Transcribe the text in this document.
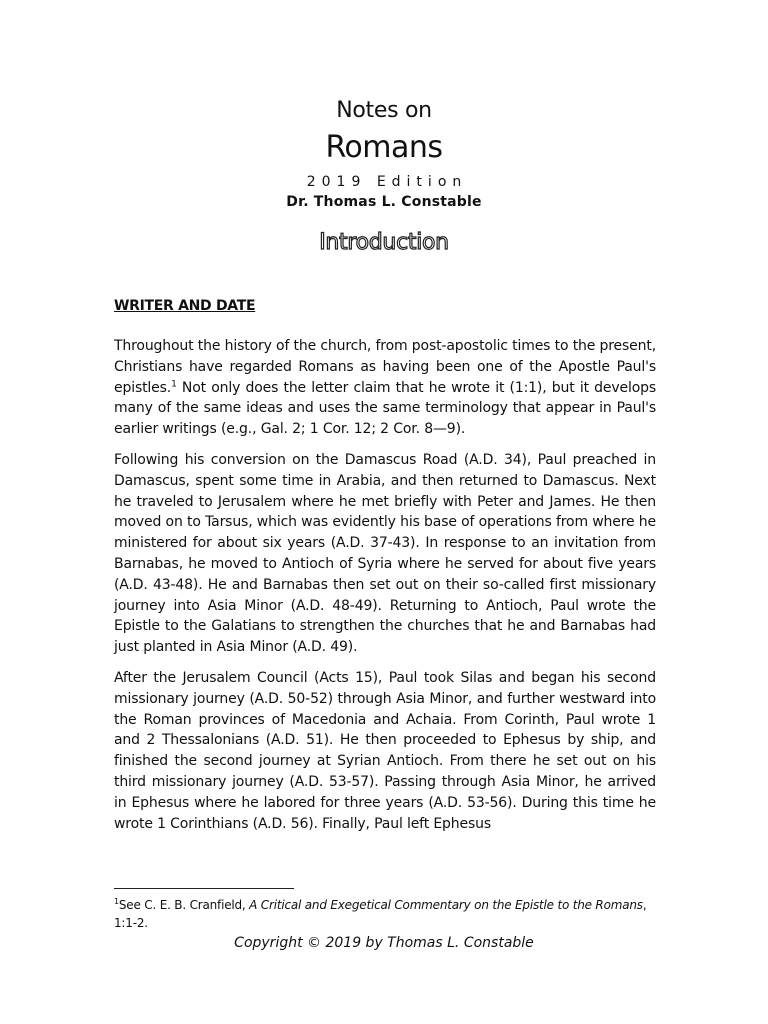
Notes on
Romans
2019 Edition
Dr. Thomas L. Constable
Introduction
WRITER AND DATE

Throughout the history of the church, from post-apostolic times to the present, Christians have regarded Romans as having been one of the Apostle Paul's epistles.$^1$ Not only does the letter claim that he wrote it (1:1), but it develops many of the same ideas and uses the same terminology that appear in Paul's earlier writings (e.g., Gal. 2; 1 Cor. 12; 2 Cor. 8—9).

Following his conversion on the Damascus Road (A.D. 34), Paul preached in Damascus, spent some time in Arabia, and then returned to Damascus. Next he traveled to Jerusalem where he met briefly with Peter and James. He then moved on to Tarsus, which was evidently his base of operations from where he ministered for about six years (A.D. 37-43). In response to an invitation from Barnabas, he moved to Antioch of Syria where he served for about five years (A.D. 43-48). He and Barnabas then set out on their so-called first missionary journey into Asia Minor (A.D. 48-49). Returning to Antioch, Paul wrote the Epistle to the Galatians to strengthen the churches that he and Barnabas had just planted in Asia Minor (A.D. 49).

After the Jerusalem Council (Acts 15), Paul took Silas and began his second missionary journey (A.D. 50-52) through Asia Minor, and further westward into the Roman provinces of Macedonia and Achaia. From Corinth, Paul wrote 1 and 2 Thessalonians (A.D. 51). He then proceeded to Ephesus by ship, and finished the second journey at Syrian Antioch. From there he set out on his third missionary journey (A.D. 53-57). Passing through Asia Minor, he arrived in Ephesus where he labored for three years (A.D. 53-56). During this time he wrote 1 Corinthians (A.D. 56). Finally, Paul left Ephesus

$^1$See C. E. B. Cranfield, A Critical and Exegetical Commentary on the Epistle to the Romans, 1:1-2.
Copyright © 2019 by Thomas L. Constable
